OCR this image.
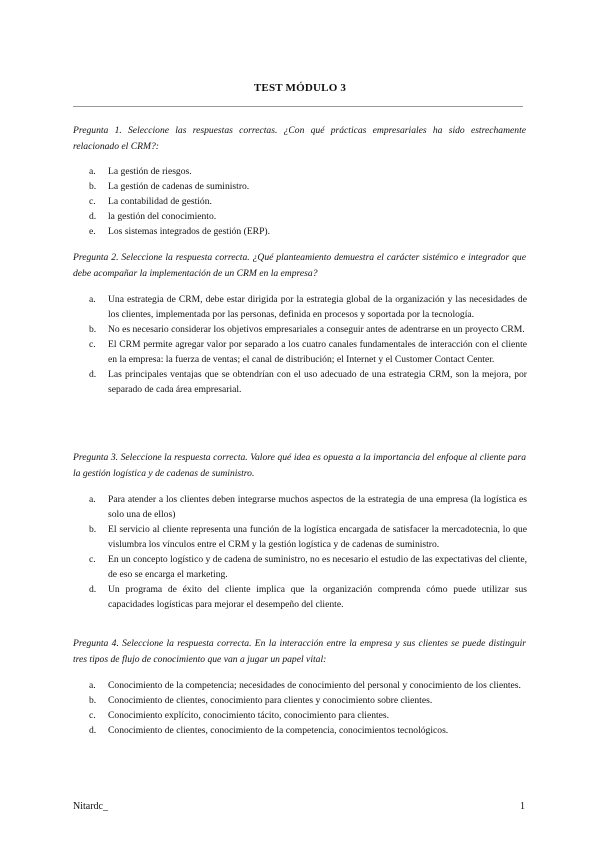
TEST MÓDULO 3
Pregunta 1. Seleccione las respuestas correctas. ¿Con qué prácticas empresariales ha sido estrechamente relacionado el CRM?:
a. La gestión de riesgos.
b. La gestión de cadenas de suministro.
c. La contabilidad de gestión.
d. la gestión del conocimiento.
e. Los sistemas integrados de gestión (ERP).
Pregunta 2. Seleccione la respuesta correcta. ¿Qué planteamiento demuestra el carácter sistémico e integrador que debe acompañar la implementación de un CRM en la empresa?
a. Una estrategia de CRM, debe estar dirigida por la estrategia global de la organización y las necesidades de los clientes, implementada por las personas, definida en procesos y soportada por la tecnología.
b. No es necesario considerar los objetivos empresariales a conseguir antes de adentrarse en un proyecto CRM.
c. El CRM permite agregar valor por separado a los cuatro canales fundamentales de interacción con el cliente en la empresa: la fuerza de ventas; el canal de distribución; el Internet y el Customer Contact Center.
d. Las principales ventajas que se obtendrían con el uso adecuado de una estrategia CRM, son la mejora, por separado de cada área empresarial.
Pregunta 3. Seleccione la respuesta correcta. Valore qué idea es opuesta a la importancia del enfoque al cliente para la gestión logística y de cadenas de suministro.
a. Para atender a los clientes deben integrarse muchos aspectos de la estrategia de una empresa (la logística es solo una de ellos)
b. El servicio al cliente representa una función de la logística encargada de satisfacer la mercadotecnia, lo que vislumbra los vínculos entre el CRM y la gestión logística y de cadenas de suministro.
c. En un concepto logístico y de cadena de suministro, no es necesario el estudio de las expectativas del cliente, de eso se encarga el marketing.
d. Un programa de éxito del cliente implica que la organización comprenda cómo puede utilizar sus capacidades logísticas para mejorar el desempeño del cliente.
Pregunta 4. Seleccione la respuesta correcta. En la interacción entre la empresa y sus clientes se puede distinguir tres tipos de flujo de conocimiento que van a jugar un papel vital:
a. Conocimiento de la competencia; necesidades de conocimiento del personal y conocimiento de los clientes.
b. Conocimiento de clientes, conocimiento para clientes y conocimiento sobre clientes.
c. Conocimiento explícito, conocimiento tácito, conocimiento para clientes.
d. Conocimiento de clientes, conocimiento de la competencia, conocimientos tecnológicos.
Nitardc_	1
